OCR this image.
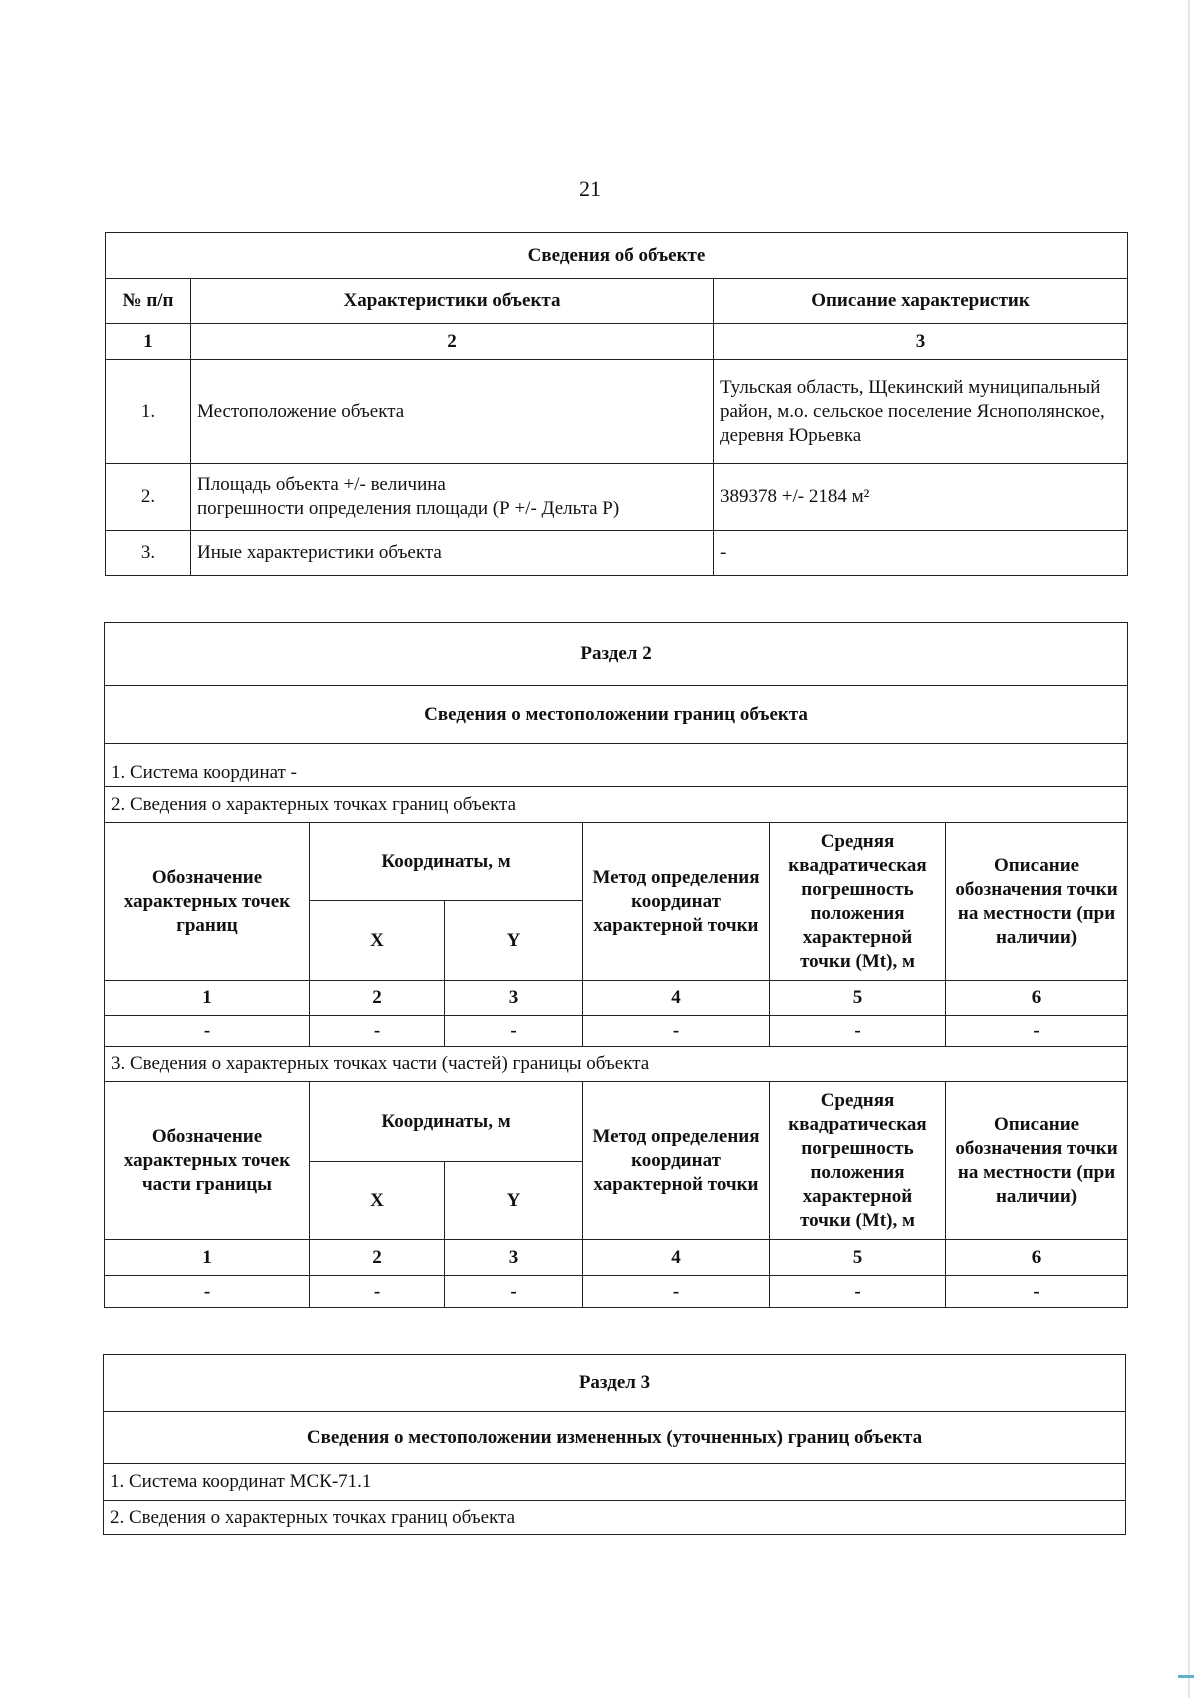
21
Сведения об объекте		
№ п/п	Характеристики объекта	Описание характеристик
1	2	3
1.	Местоположение объекта	Тульская область, Щекинский муниципальный район, м.о. сельское поселение Яснополянское, деревня Юрьевка
2.	Площадь объекта +/- величина
погрешности определения площади (Р +/- Дельта Р)	389378 +/- 2184 м²
3.	Иные характеристики объекта	-
Раздел 2					
Сведения о местоположении границ объекта					
1. Система координат -					
2. Сведения о характерных точках границ объекта					
Обозначение характерных точек границ	Координаты, м		Метод определения координат характерной точки	Средняя квадратическая погрешность положения характерной точки (Mt), м	Описание обозначения точки на местности (при наличии)
	X	Y			
1	2	3	4	5	6
-	-	-	-	-	-
3. Сведения о характерных точках части (частей) границы объекта					
Обозначение характерных точек части границы	Координаты, м		Метод определения координат характерной точки	Средняя квадратическая погрешность положения характерной точки (Mt), м	Описание обозначения точки на местности (при наличии)
	X	Y			
1	2	3	4	5	6
-	-	-	-	-	-
Раздел 3
Сведения о местоположении измененных (уточненных) границ объекта
1. Система координат МСК-71.1
2. Сведения о характерных точках границ объекта
